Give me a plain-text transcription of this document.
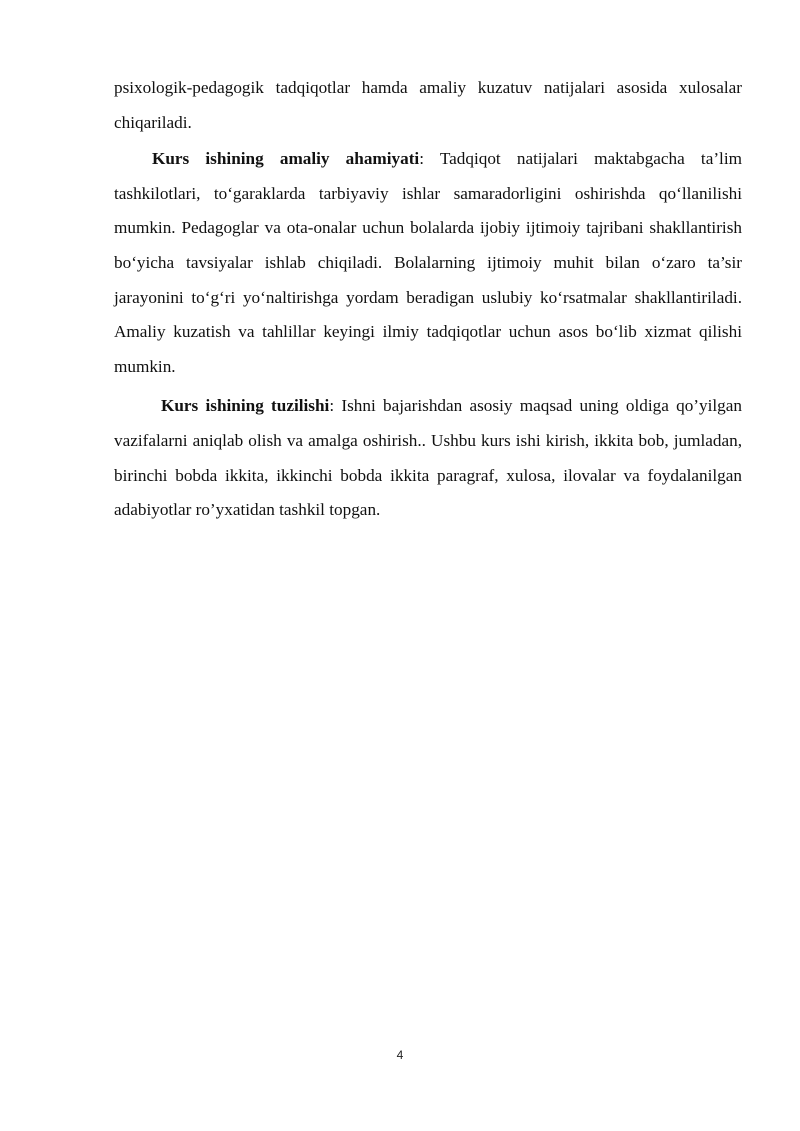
psixologik-pedagogik tadqiqotlar hamda amaliy kuzatuv natijalari asosida xulosalar chiqariladi.

Kurs ishining amaliy ahamiyati: Tadqiqot natijalari maktabgacha ta’lim tashkilotlari, to‘garaklarda tarbiyaviy ishlar samaradorligini oshirishda qo‘llanilishi mumkin. Pedagoglar va ota-onalar uchun bolalarda ijobiy ijtimoiy tajribani shakllantirish bo‘yicha tavsiyalar ishlab chiqiladi. Bolalarning ijtimoiy muhit bilan o‘zaro ta’sir jarayonini to‘g‘ri yo‘naltirishga yordam beradigan uslubiy ko‘rsatmalar shakllantiriladi. Amaliy kuzatish va tahlillar keyingi ilmiy tadqiqotlar uchun asos bo‘lib xizmat qilishi mumkin.

Kurs ishining tuzilishi: Ishni bajarishdan asosiy maqsad uning oldiga qo’yilgan vazifalarni aniqlab olish va amalga oshirish.. Ushbu kurs ishi kirish, ikkita bob, jumladan, birinchi bobda ikkita, ikkinchi bobda ikkita paragraf, xulosa, ilovalar va foydalanilgan adabiyotlar ro’yxatidan tashkil topgan.

4
